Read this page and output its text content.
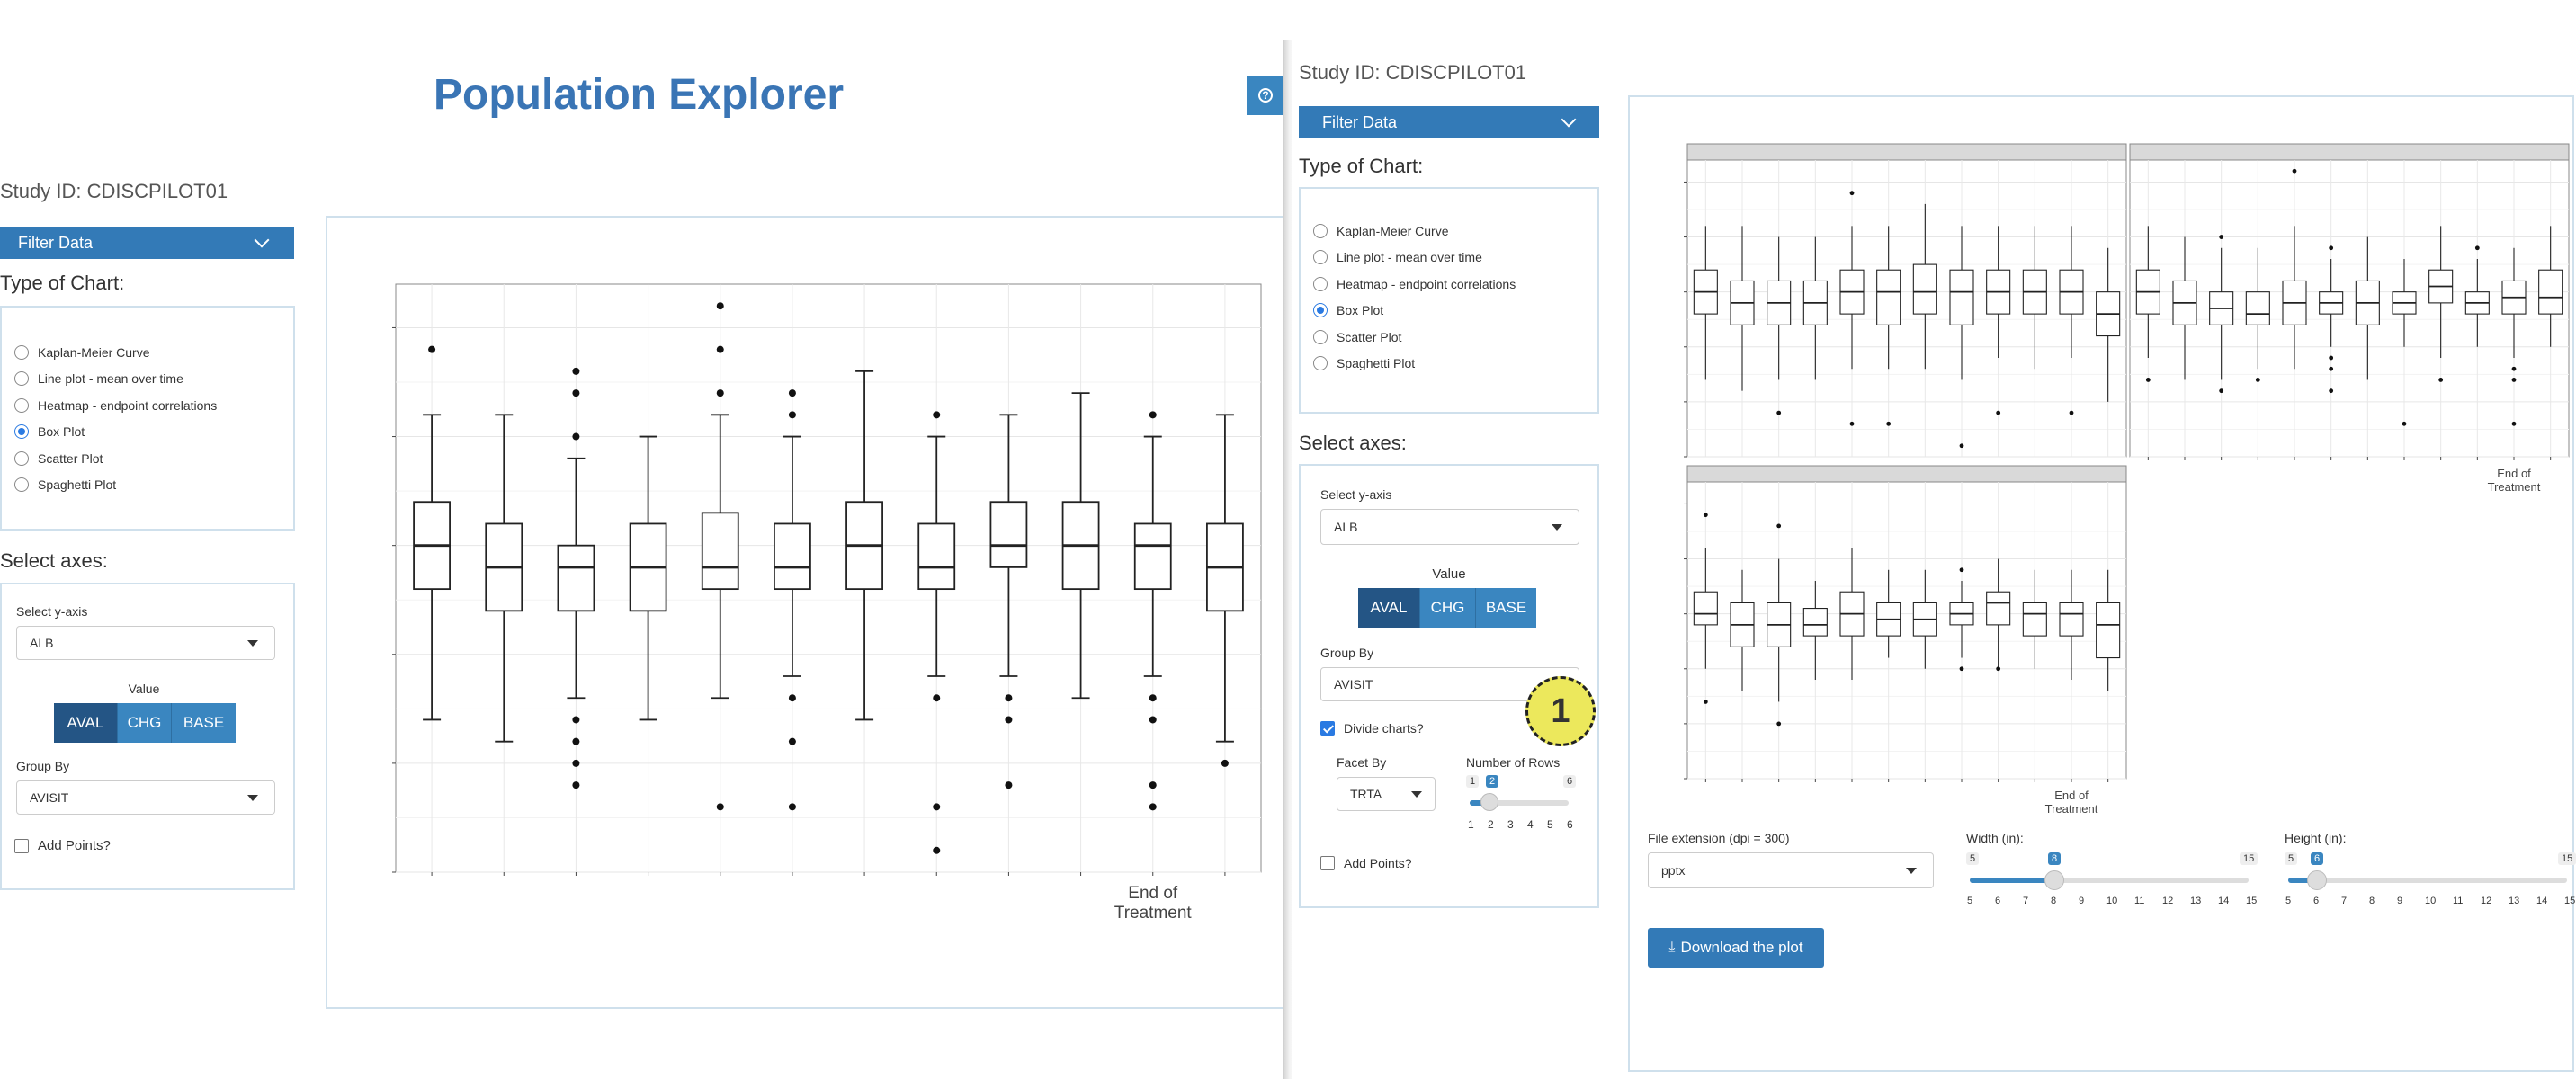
Population Explorer
Study ID: CDISCPILOT01
Filter Data
Type of Chart:
Kaplan-Meier Curve
Line plot - mean over time
Heatmap - endpoint correlations
Box Plot
Scatter Plot
Spaghetti Plot
Select axes:
Select y-axis
ALB
Value
AVAL	CHG	BASE
Group By
AVISIT
Add Points?
End of Treatment
?
Study ID: CDISCPILOT01
Filter Data
Type of Chart:
Kaplan-Meier Curve
Line plot - mean over time
Heatmap - endpoint correlations
Box Plot
Scatter Plot
Spaghetti Plot
Select axes:
Select y-axis
ALB
Value
AVAL	CHG	BASE
Group By
AVISIT
Divide charts?
Facet By
TRTA
Number of Rows
1	2	6
1 2 3 4 5 6
Add Points?
1
End of Treatment
End of Treatment
File extension (dpi = 300)
pptx
Width (in):
5	8	15
5 6 7 8 9 10 11 12 13 14 15
Height (in):
5	6	15
5 6 7 8 9 10 11 12 13 14 15
⤓ Download the plot
